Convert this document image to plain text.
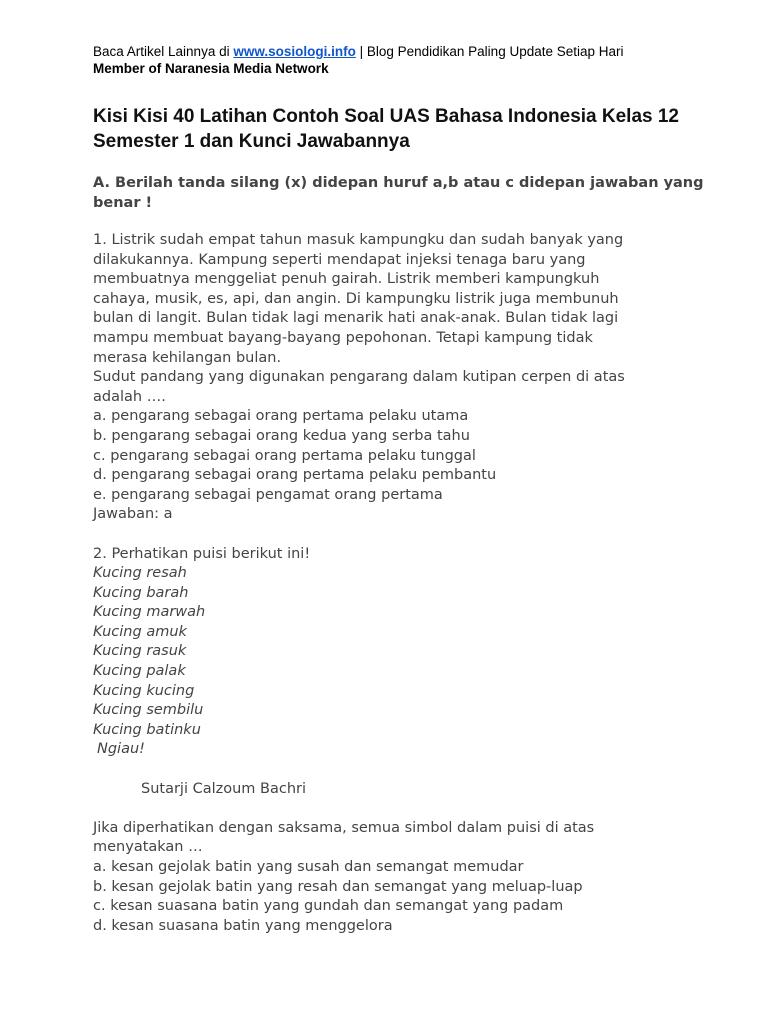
Baca Artikel Lainnya di www.sosiologi.info | Blog Pendidikan Paling Update Setiap Hari
Member of Naranesia Media Network
Kisi Kisi 40 Latihan Contoh Soal UAS Bahasa Indonesia Kelas 12 Semester 1 dan Kunci Jawabannya
A. Berilah tanda silang (x) didepan huruf a,b atau c didepan jawaban yang benar !
1. Listrik sudah empat tahun masuk kampungku dan sudah banyak yang
dilakukannya. Kampung seperti mendapat injeksi tenaga baru yang
membuatnya menggeliat penuh gairah. Listrik memberi kampungkuh
cahaya, musik, es, api, dan angin. Di kampungku listrik juga membunuh
bulan di langit. Bulan tidak lagi menarik hati anak-anak. Bulan tidak lagi
mampu membuat bayang-bayang pepohonan. Tetapi kampung tidak
merasa kehilangan bulan.
Sudut pandang yang digunakan pengarang dalam kutipan cerpen di atas
adalah ….
a. pengarang sebagai orang pertama pelaku utama
b. pengarang sebagai orang kedua yang serba tahu
c. pengarang sebagai orang pertama pelaku tunggal
d. pengarang sebagai orang pertama pelaku pembantu
e. pengarang sebagai pengamat orang pertama
Jawaban: a
2. Perhatikan puisi berikut ini!
Kucing resah
Kucing barah
Kucing marwah
Kucing amuk
Kucing rasuk
Kucing palak
Kucing kucing
Kucing sembilu
Kucing batinku
Ngiau!
Sutarji Calzoum Bachri
Jika diperhatikan dengan saksama, semua simbol dalam puisi di atas
menyatakan …
a. kesan gejolak batin yang susah dan semangat memudar
b. kesan gejolak batin yang resah dan semangat yang meluap-luap
c. kesan suasana batin yang gundah dan semangat yang padam
d. kesan suasana batin yang menggelora
